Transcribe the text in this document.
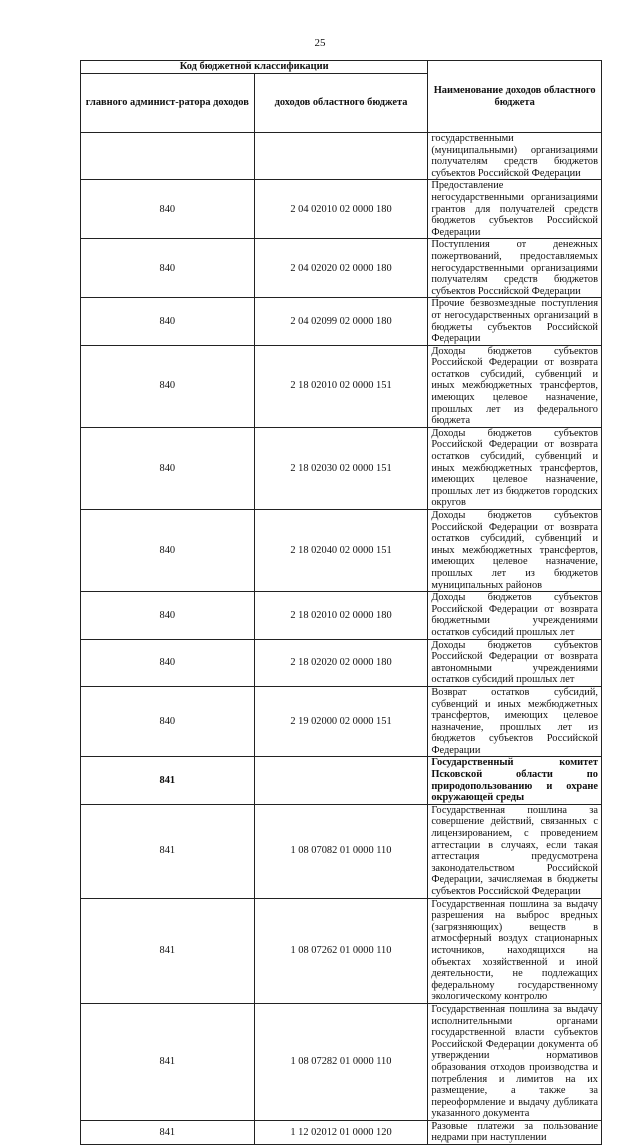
25
Код бюджетной классификации		Наименование доходов областного бюджета
главного админист-ратора доходов	доходов областного бюджета	
		государственными (муниципальными) организациями получателям средств бюджетов субъектов Российской Федерации
840	2 04 02010 02 0000 180	Предоставление негосударственными организациями грантов для получателей средств бюджетов субъектов Российской Федерации
840	2 04 02020 02 0000 180	Поступления от денежных пожертвований, предоставляемых негосударственными организациями получателям средств бюджетов субъектов Российской Федерации
840	2 04 02099 02 0000 180	Прочие безвозмездные поступления от негосударственных организаций в бюджеты субъектов Российской Федерации
840	2 18 02010 02 0000 151	Доходы бюджетов субъектов Российской Федерации от возврата остатков субсидий, субвенций и иных межбюджетных трансфертов, имеющих целевое назначение, прошлых лет из федерального бюджета
840	2 18 02030 02 0000 151	Доходы бюджетов субъектов Российской Федерации от возврата остатков субсидий, субвенций и иных межбюджетных трансфертов, имеющих целевое назначение, прошлых лет из бюджетов городских округов
840	2 18 02040 02 0000 151	Доходы бюджетов субъектов Российской Федерации от возврата остатков субсидий, субвенций и иных межбюджетных трансфертов, имеющих целевое назначение, прошлых лет из бюджетов муниципальных районов
840	2 18 02010 02 0000 180	Доходы бюджетов субъектов Российской Федерации от возврата бюджетными учреждениями остатков субсидий прошлых лет
840	2 18 02020 02 0000 180	Доходы бюджетов субъектов Российской Федерации от возврата автономными учреждениями остатков субсидий прошлых лет
840	2 19 02000 02 0000 151	Возврат остатков субсидий, субвенций и иных межбюджетных трансфертов, имеющих целевое назначение, прошлых лет из бюджетов субъектов Российской Федерации
841		Государственный комитет Псковской области по природопользованию и охране окружающей среды
841	1 08 07082 01 0000 110	Государственная пошлина за совершение действий, связанных с лицензированием, с проведением аттестации в случаях, если такая аттестация предусмотрена законодательством Российской Федерации, зачисляемая в бюджеты субъектов Российской Федерации
841	1 08 07262 01 0000 110	Государственная пошлина за выдачу разрешения на выброс вредных (загрязняющих) веществ в атмосферный воздух стационарных источников, находящихся на объектах хозяйственной и иной деятельности, не подлежащих федеральному государственному экологическому контролю
841	1 08 07282 01 0000 110	Государственная пошлина за выдачу исполнительными органами государственной власти субъектов Российской Федерации документа об утверждении нормативов образования отходов производства и потребления и лимитов на их размещение, а также за переоформление и выдачу дубликата указанного документа
841	1 12 02012 01 0000 120	Разовые платежи за пользование недрами при наступлении
